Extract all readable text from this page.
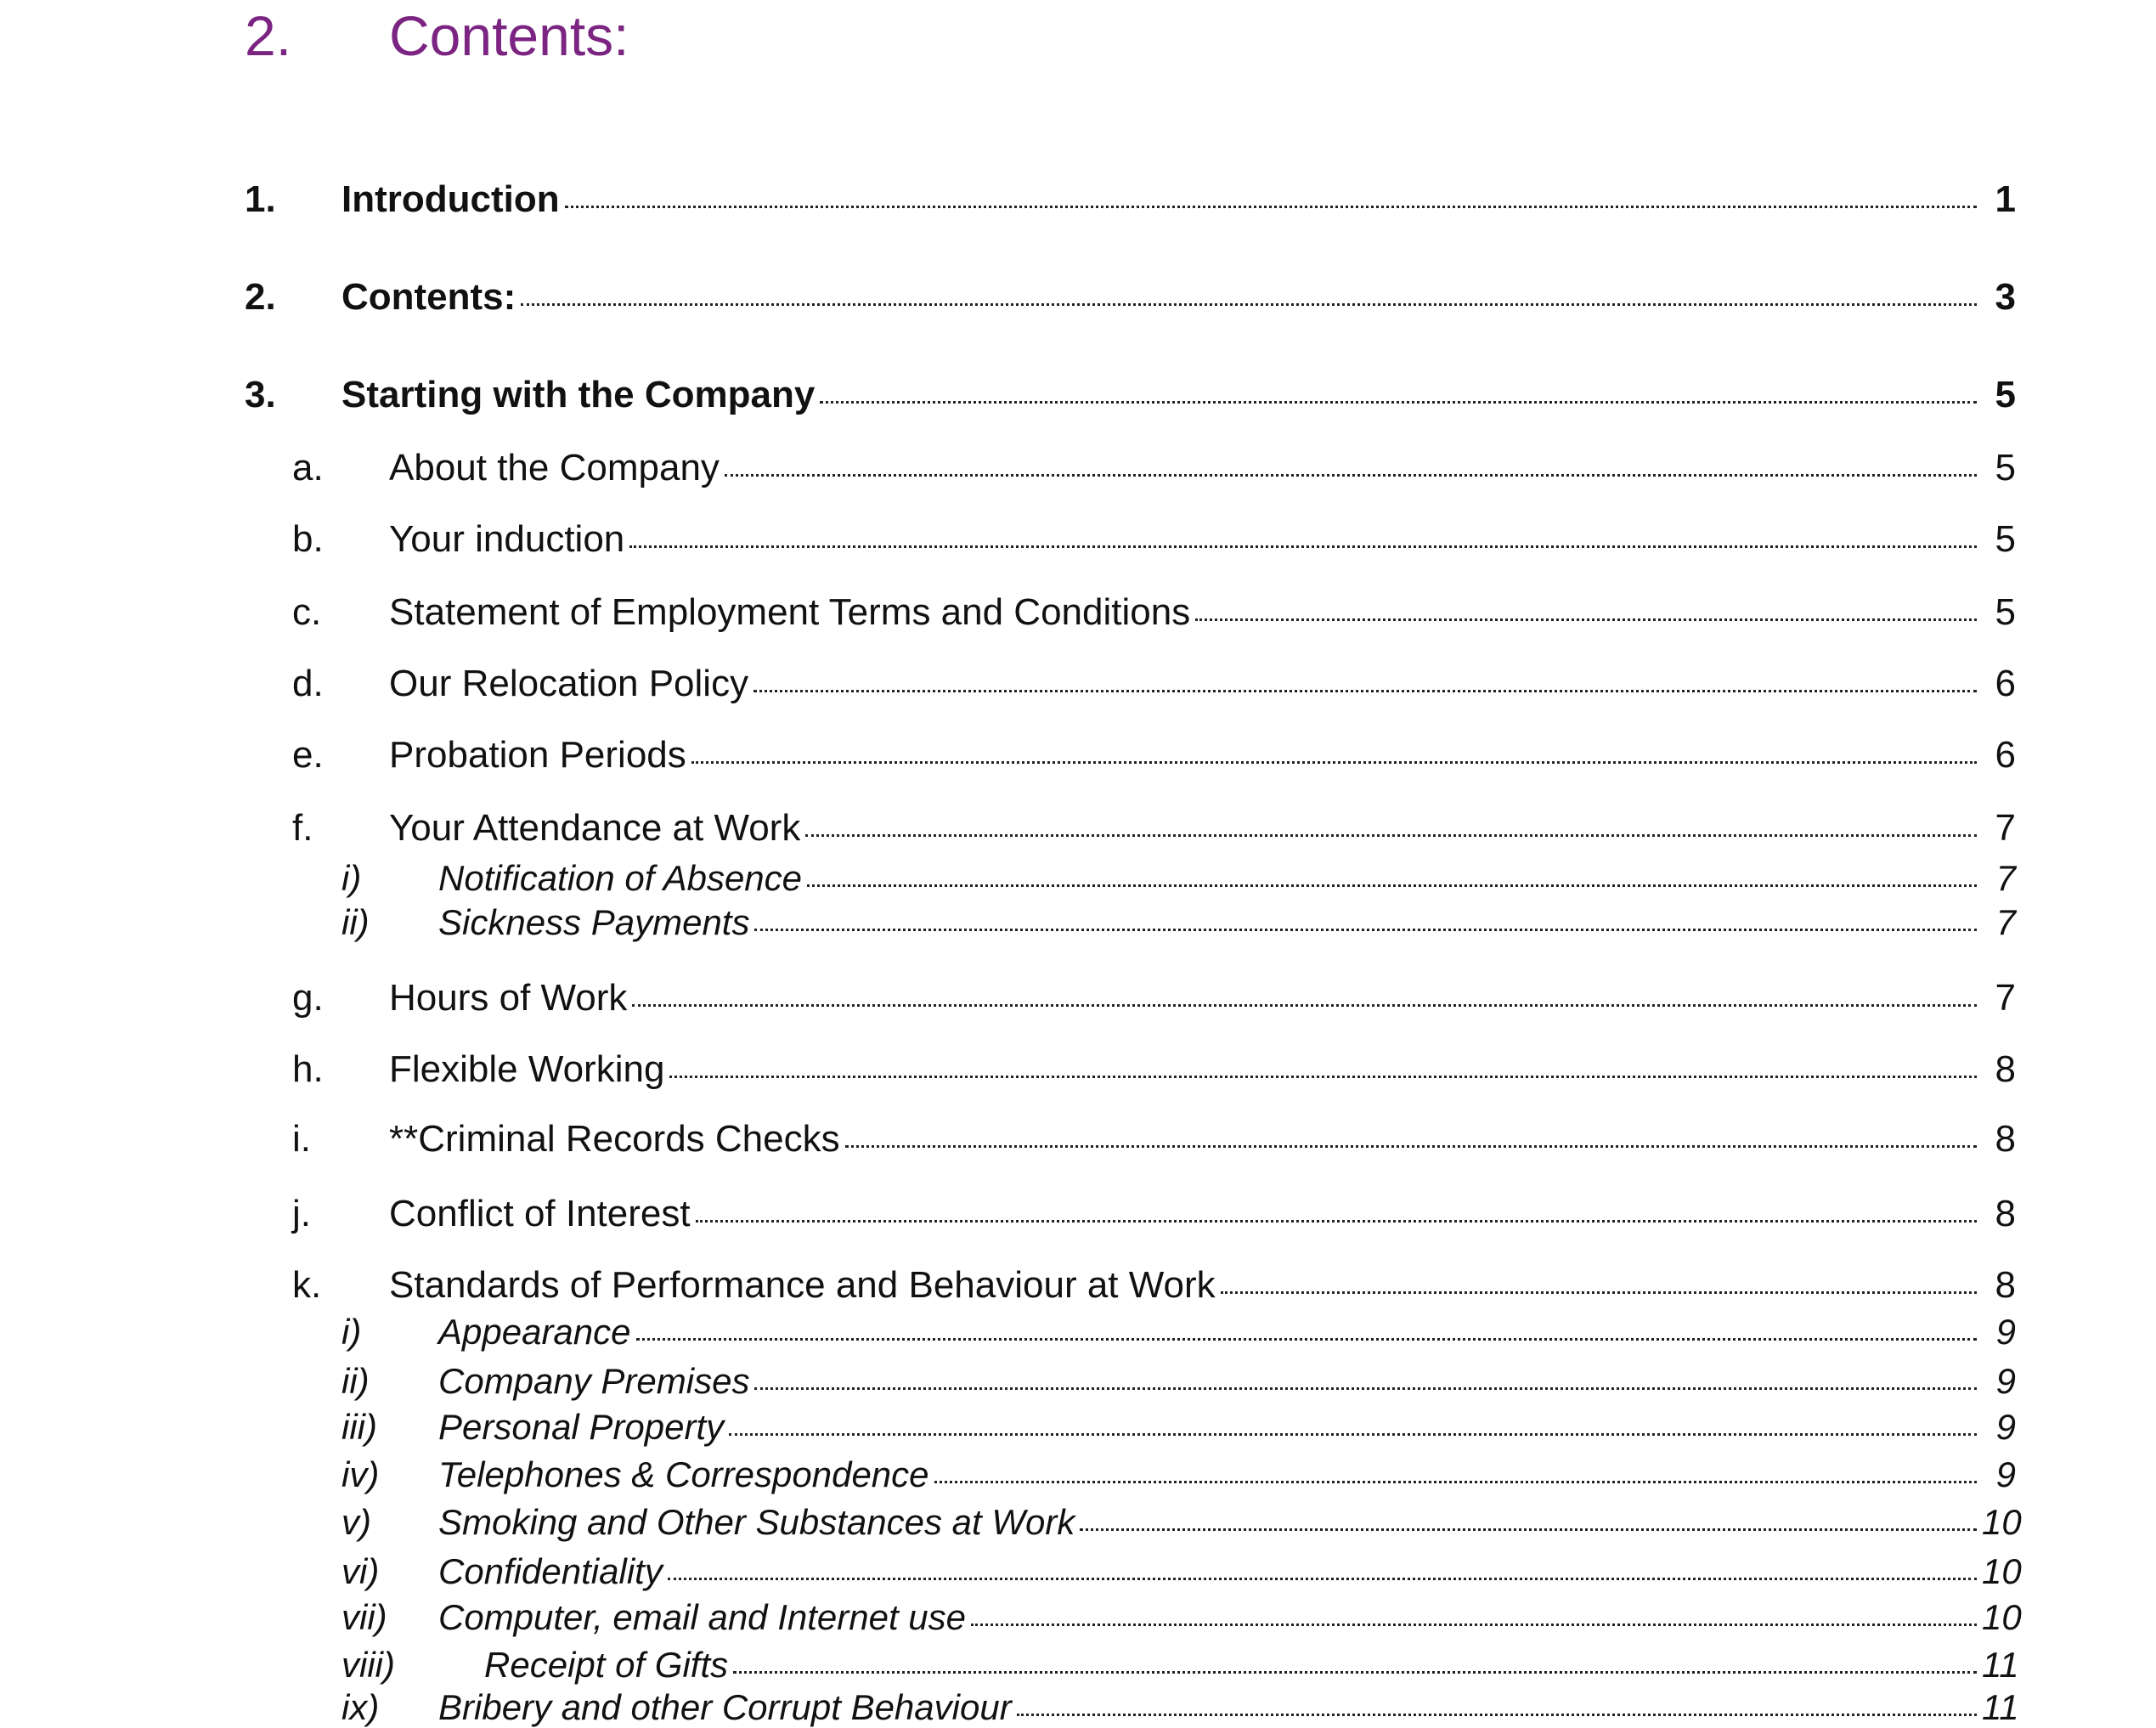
2.	Contents:
1.	Introduction	1
2.	Contents:	3
3.	Starting with the Company	5
a.	About the Company	5
b.	Your induction	5
c.	Statement of Employment Terms and Conditions	5
d.	Our Relocation Policy	6
e.	Probation Periods	6
f.	Your Attendance at Work	7
i)	Notification of Absence	7
ii)	Sickness Payments	7
g.	Hours of Work	7
h.	Flexible Working	8
i.	**Criminal Records Checks	8
j.	Conflict of Interest	8
k.	Standards of Performance and Behaviour at Work	8
i)	Appearance	9
ii)	Company Premises	9
iii)	Personal Property	9
iv)	Telephones & Correspondence	9
v)	Smoking and Other Substances at Work	10
vi)	Confidentiality	10
vii)	Computer, email and Internet use	10
viii)	Receipt of Gifts	11
ix)	Bribery and other Corrupt Behaviour	11
